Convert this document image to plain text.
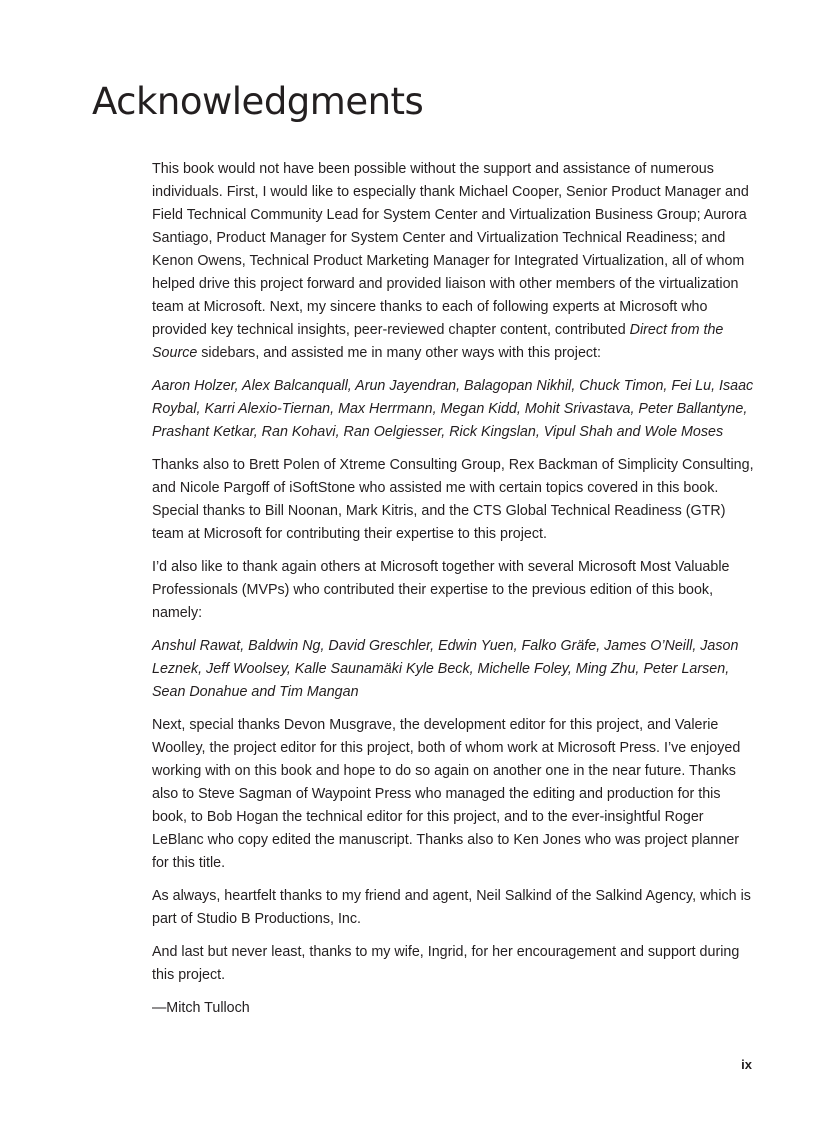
Acknowledgments

This book would not have been possible without the support and assistance of numerous individuals. First, I would like to especially thank Michael Cooper, Senior Product Manager and Field Technical Community Lead for System Center and Virtualization Business Group; Aurora Santiago, Product Manager for System Center and Virtualization Technical Readiness; and Kenon Owens, Technical Product Marketing Manager for Integrated Virtualization, all of whom helped drive this project forward and provided liaison with other members of the virtualization team at Microsoft. Next, my sincere thanks to each of following experts at Microsoft who provided key technical insights, peer-reviewed chapter content, contributed Direct from the Source sidebars, and assisted me in many other ways with this project:

Aaron Holzer, Alex Balcanquall, Arun Jayendran, Balagopan Nikhil, Chuck Timon, Fei Lu, Isaac Roybal, Karri Alexio-Tiernan, Max Herrmann, Megan Kidd, Mohit Srivastava, Peter Ballantyne, Prashant Ketkar, Ran Kohavi, Ran Oelgiesser, Rick Kingslan, Vipul Shah and Wole Moses

Thanks also to Brett Polen of Xtreme Consulting Group, Rex Backman of Simplicity Consulting, and Nicole Pargoff of iSoftStone who assisted me with certain topics covered in this book. Special thanks to Bill Noonan, Mark Kitris, and the CTS Global Technical Readiness (GTR) team at Microsoft for contributing their expertise to this project.

I’d also like to thank again others at Microsoft together with several Microsoft Most Valuable Professionals (MVPs) who contributed their expertise to the previous edition of this book, namely:

Anshul Rawat, Baldwin Ng, David Greschler, Edwin Yuen, Falko Gräfe, James O’Neill, Jason Leznek, Jeff Woolsey, Kalle Saunamäki Kyle Beck, Michelle Foley, Ming Zhu, Peter Larsen, Sean Donahue and Tim Mangan

Next, special thanks Devon Musgrave, the development editor for this project, and Valerie Woolley, the project editor for this project, both of whom work at Microsoft Press. I’ve enjoyed working with on this book and hope to do so again on another one in the near future. Thanks also to Steve Sagman of Waypoint Press who managed the editing and production for this book, to Bob Hogan the technical editor for this project, and to the ever-insightful Roger LeBlanc who copy edited the manuscript. Thanks also to Ken Jones who was project planner for this title.

As always, heartfelt thanks to my friend and agent, Neil Salkind of the Salkind Agency, which is part of Studio B Productions, Inc.

And last but never least, thanks to my wife, Ingrid, for her encouragement and support during this project.

—Mitch Tulloch

ix
